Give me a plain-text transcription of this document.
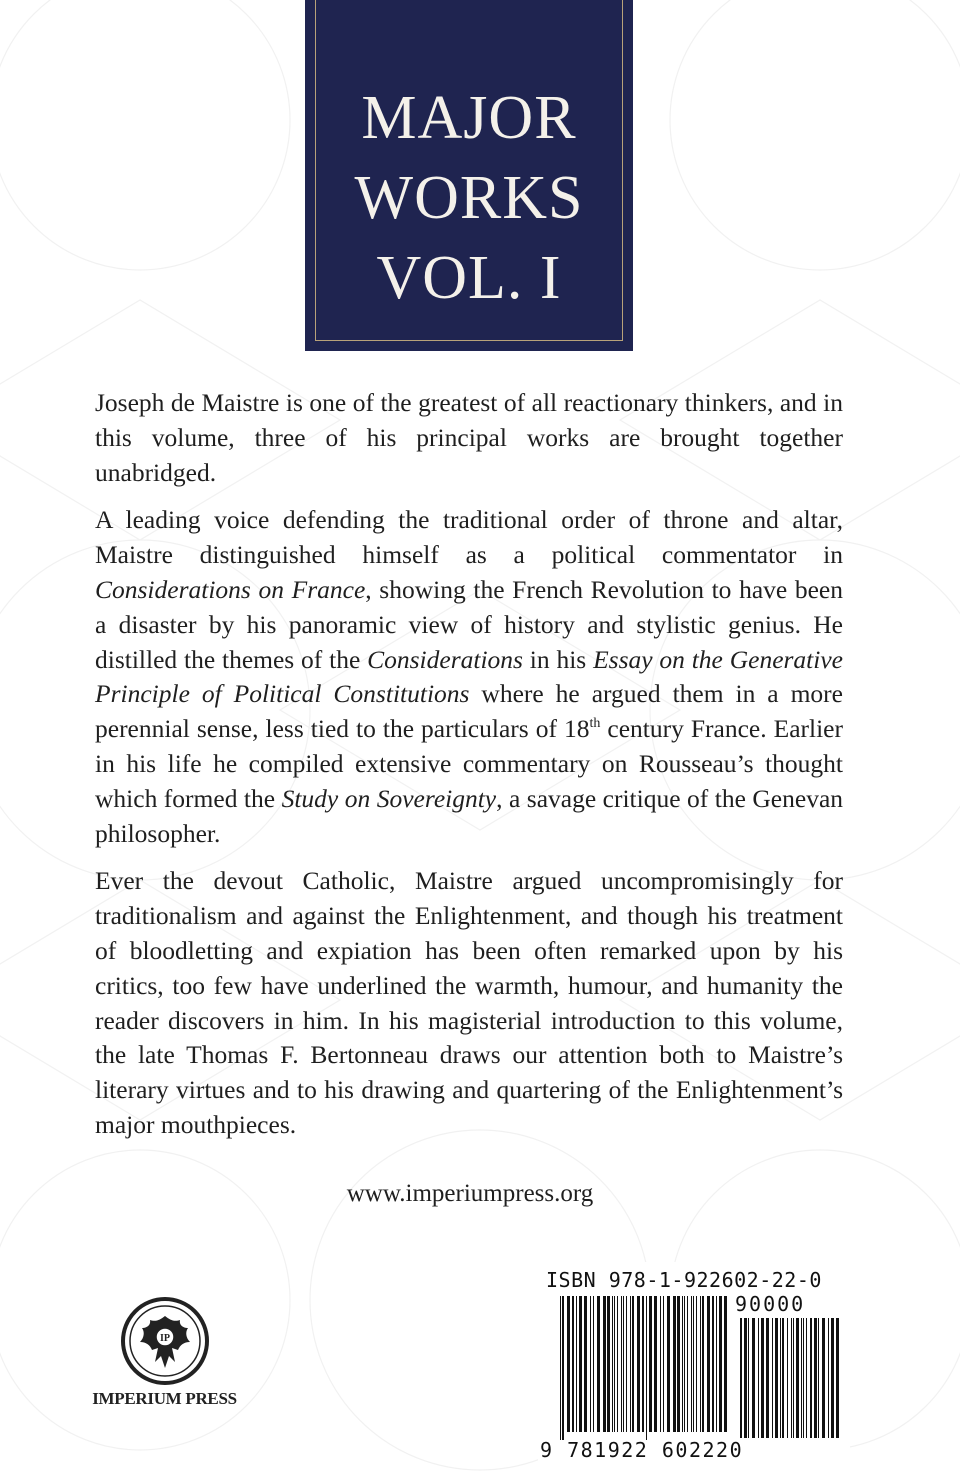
MAJOR
WORKS
VOL. I

Joseph de Maistre is one of the greatest of all reactionary thinkers, and in this volume, three of his principal works are brought together unabridged.

A leading voice defending the traditional order of throne and altar, Maistre distinguished himself as a political commentator in Considerations on France, showing the French Revolution to have been a disaster by his panoramic view of history and stylistic genius. He distilled the themes of the Considerations in his Essay on the Generative Principle of Political Constitutions where he argued them in a more perennial sense, less tied to the particulars of 18th century France. Earlier in his life he compiled extensive commentary on Rousseau’s thought which formed the Study on Sovereignty, a savage critique of the Genevan philosopher.

Ever the devout Catholic, Maistre argued uncompromisingly for traditionalism and against the Enlightenment, and though his treatment of bloodletting and expiation has been often remarked upon by his critics, too few have underlined the warmth, humour, and humanity the reader discovers in him. In his magisterial introduction to this volume, the late Thomas F. Bertonneau draws our attention both to Maistre’s literary virtues and to his drawing and quartering of the Enlightenment’s major mouthpieces.

www.imperiumpress.org
IP
IMPERIUM PRESS
ISBN 978-1-922602-22-0
90000
9 781922 602220
